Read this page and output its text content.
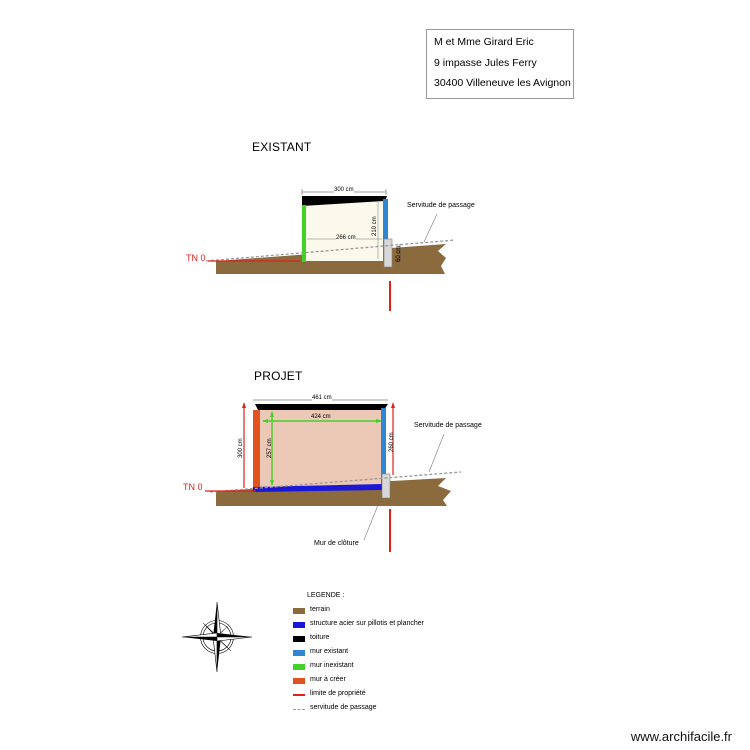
M et Mme Girard Eric
9 impasse Jules Ferry
30400 Villeneuve les Avignon
EXISTANT
300 cm
266 cm
210 cm
60 cm
Servitude de passage
TN 0
PROJET
461 cm
424 cm
300 cm	257 cm	260 cm
Servitude de passage
Mur de clôture
TN 0
LEGENDE :
terrain
structure acier sur pillotis et plancher
toiture
mur existant
mur inexistant
mur à créer
limite de propriété
servitude de passage
www.archifacile.fr
